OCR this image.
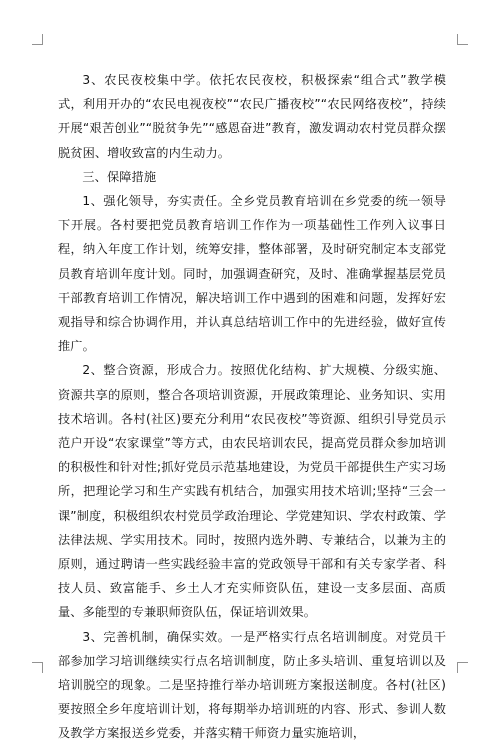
3、农民夜校集中学。依托农民夜校，积极探索“组合式”教学模式，利用开办的“农民电视夜校”“农民广播夜校”“农民网络夜校”，持续开展“艰苦创业”“脱贫争先”“感恩奋进”教育，激发调动农村党员群众摆脱贫困、增收致富的内生动力。

三、保障措施

1、强化领导，夯实责任。全乡党员教育培训在乡党委的统一领导下开展。各村要把党员教育培训工作作为一项基础性工作列入议事日程，纳入年度工作计划，统筹安排，整体部署，及时研究制定本支部党员教育培训年度计划。同时，加强调查研究，及时、准确掌握基层党员干部教育培训工作情况，解决培训工作中遇到的困难和问题，发挥好宏观指导和综合协调作用，并认真总结培训工作中的先进经验，做好宣传推广。

2、整合资源，形成合力。按照优化结构、扩大规模、分级实施、资源共享的原则，整合各项培训资源，开展政策理论、业务知识、实用技术培训。各村(社区)要充分利用“农民夜校”等资源、组织引导党员示范户开设“农家课堂”等方式，由农民培训农民，提高党员群众参加培训的积极性和针对性;抓好党员示范基地建设，为党员干部提供生产实习场所，把理论学习和生产实践有机结合，加强实用技术培训;坚持“三会一课”制度，积极组织农村党员学政治理论、学党建知识、学农村政策、学法律法规、学实用技术。同时，按照内选外聘、专兼结合，以兼为主的原则，通过聘请一些实践经验丰富的党政领导干部和有关专家学者、科技人员、致富能手、乡土人才充实师资队伍，建设一支多层面、高质量、多能型的专兼职师资队伍，保证培训效果。

3、完善机制，确保实效。一是严格实行点名培训制度。对党员干部参加学习培训继续实行点名培训制度，防止多头培训、重复培训以及培训脱空的现象。二是坚持推行举办培训班方案报送制度。各村(社区)要按照全乡年度培训计划，将每期举办培训班的内容、形式、参训人数及教学方案报送乡党委，并落实精干师资力量实施培训，
